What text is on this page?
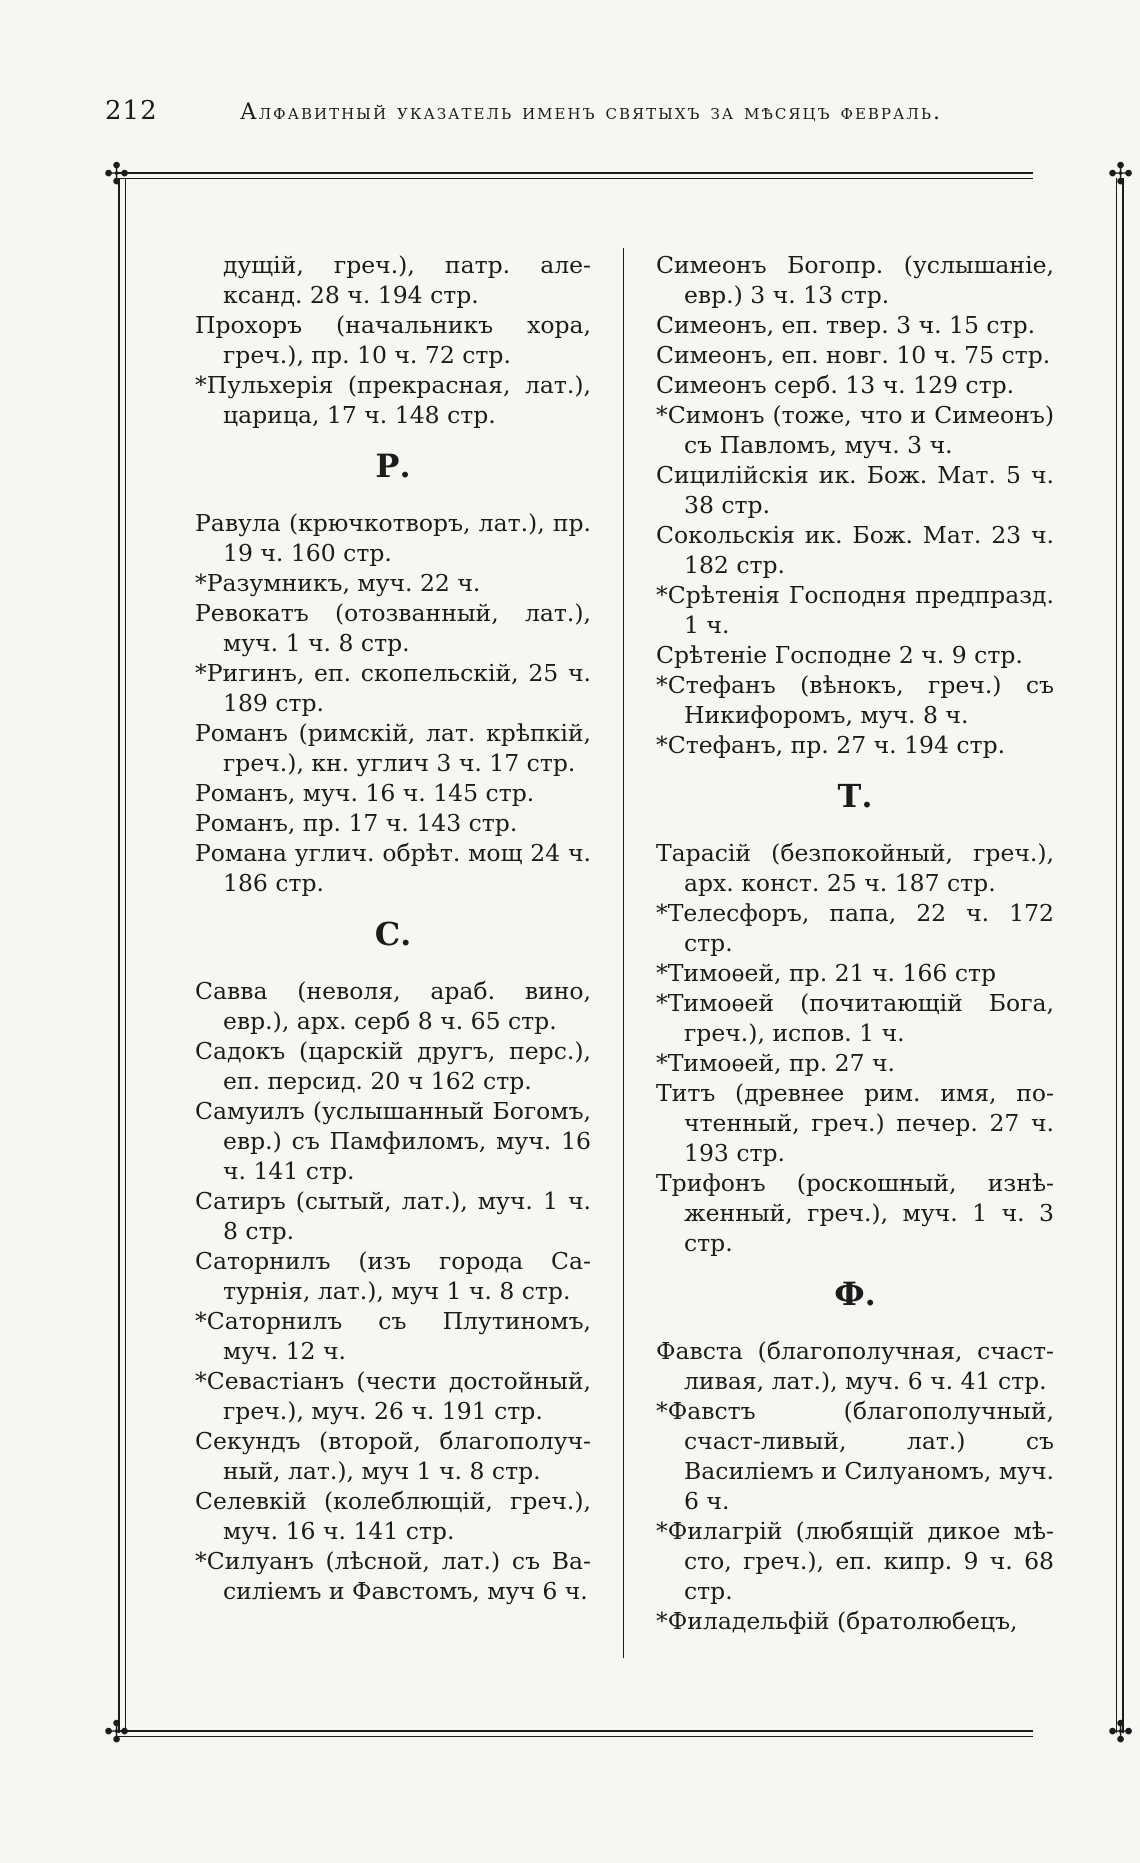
212	Алфавитный указатель именъ святыхъ за мѣсяцъ февраль.
✣	✣
✣	✣

дущій, греч.), патр. але-ксанд. 28 ч. 194 стр.

Прохоръ (начальникъ хора, греч.), пр. 10 ч. 72 стр.

*Пульхерія (прекрасная, лат.), царица, 17 ч. 148 стр.

Р.

Равула (крючкотворъ, лат.), пр. 19 ч. 160 стр.

*Разумникъ, муч. 22 ч.

Ревокатъ (отозванный, лат.), муч. 1 ч. 8 стр.

*Ригинъ, еп. скопельскій, 25 ч. 189 стр.

Романъ (римскій, лат. крѣпкій, греч.), кн. углич 3 ч. 17 стр.

Романъ, муч. 16 ч. 145 стр.

Романъ, пр. 17 ч. 143 стр.

Романа углич. обрѣт. мощ 24 ч. 186 стр.

С.

Савва (неволя, араб. вино, евр.), арх. серб 8 ч. 65 стр.

Садокъ (царскій другъ, перс.), еп. персид. 20 ч 162 стр.

Самуилъ (услышанный Богомъ, евр.) съ Памфиломъ, муч. 16 ч. 141 стр.

Сатиръ (сытый, лат.), муч. 1 ч. 8 стр.

Саторнилъ (изъ города Са-турнія, лат.), муч 1 ч. 8 стр.

*Саторнилъ съ Плутиномъ, муч. 12 ч.

*Севастіанъ (чести достойный, греч.), муч. 26 ч. 191 стр.

Секундъ (второй, благополуч-ный, лат.), муч 1 ч. 8 стр.

Селевкій (колеблющій, греч.), муч. 16 ч. 141 стр.

*Силуанъ (лѣсной, лат.) съ Ва-силіемъ и Фавстомъ, муч 6 ч.

Симеонъ Богопр. (услышаніе, евр.) 3 ч. 13 стр.

Симеонъ, еп. твер. 3 ч. 15 стр.

Симеонъ, еп. новг. 10 ч. 75 стр.

Симеонъ серб. 13 ч. 129 стр.

*Симонъ (тоже, что и Симеонъ) съ Павломъ, муч. 3 ч.

Сицилійскія ик. Бож. Мат. 5 ч. 38 стр.

Сокольскія ик. Бож. Мат. 23 ч. 182 стр.

*Срѣтенія Господня предпразд. 1 ч.

Срѣтеніе Господне 2 ч. 9 стр.

*Стефанъ (вѣнокъ, греч.) съ Никифоромъ, муч. 8 ч.

*Стефанъ, пр. 27 ч. 194 стр.

Т.

Тарасій (безпокойный, греч.), арх. конст. 25 ч. 187 стр.

*Телесфоръ, папа, 22 ч. 172 стр.

*Тимоѳей, пр. 21 ч. 166 стр

*Тимоѳей (почитающій Бога, греч.), испов. 1 ч.

*Тимоѳей, пр. 27 ч.

Титъ (древнее рим. имя, по-чтенный, греч.) печер. 27 ч. 193 стр.

Трифонъ (роскошный, изнѣ-женный, греч.), муч. 1 ч. 3 стр.

Ф.

Фавста (благополучная, счаст-ливая, лат.), муч. 6 ч. 41 стр.

*Фавстъ (благополучный, счаст-ливый, лат.) съ Василіемъ и Силуаномъ, муч. 6 ч.

*Филагрій (любящій дикое мѣ-сто, греч.), еп. кипр. 9 ч. 68 стр.

*Филадельфій (братолюбецъ,
